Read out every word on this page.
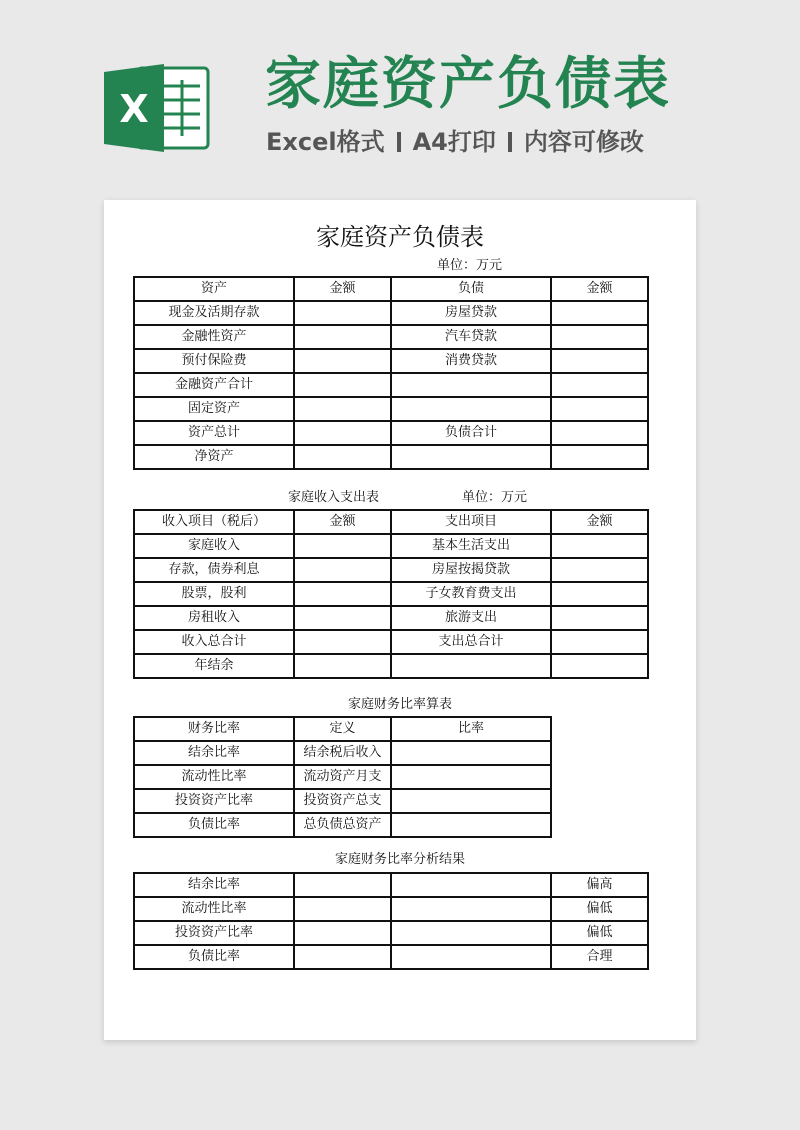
X 家庭资产负债表
Excel格式 A4打印 内容可修改
家庭资产负债表
单位：万元
资产	金额	负债	金额
现金及活期存款		房屋贷款	
金融性资产		汽车贷款	
预付保险费		消费贷款	
金融资产合计			
固定资产			
资产总计		负债合计	
净资产			
家庭收入支出表	单位：万元
收入项目（税后）	金额	支出项目	金额
家庭收入		基本生活支出	
存款，债券利息		房屋按揭贷款	
股票，股利		子女教育费支出	
房租收入		旅游支出	
收入总合计		支出总合计	
年结余			
家庭财务比率算表
财务比率	定义	比率	
结余比率	结余税后收入		
流动性比率	流动资产月支		
投资资产比率	投资资产总支		
负债比率	总负债总资产		
家庭财务比率分析结果
结余比率			偏高
流动性比率			偏低
投资资产比率			偏低
负债比率			合理
